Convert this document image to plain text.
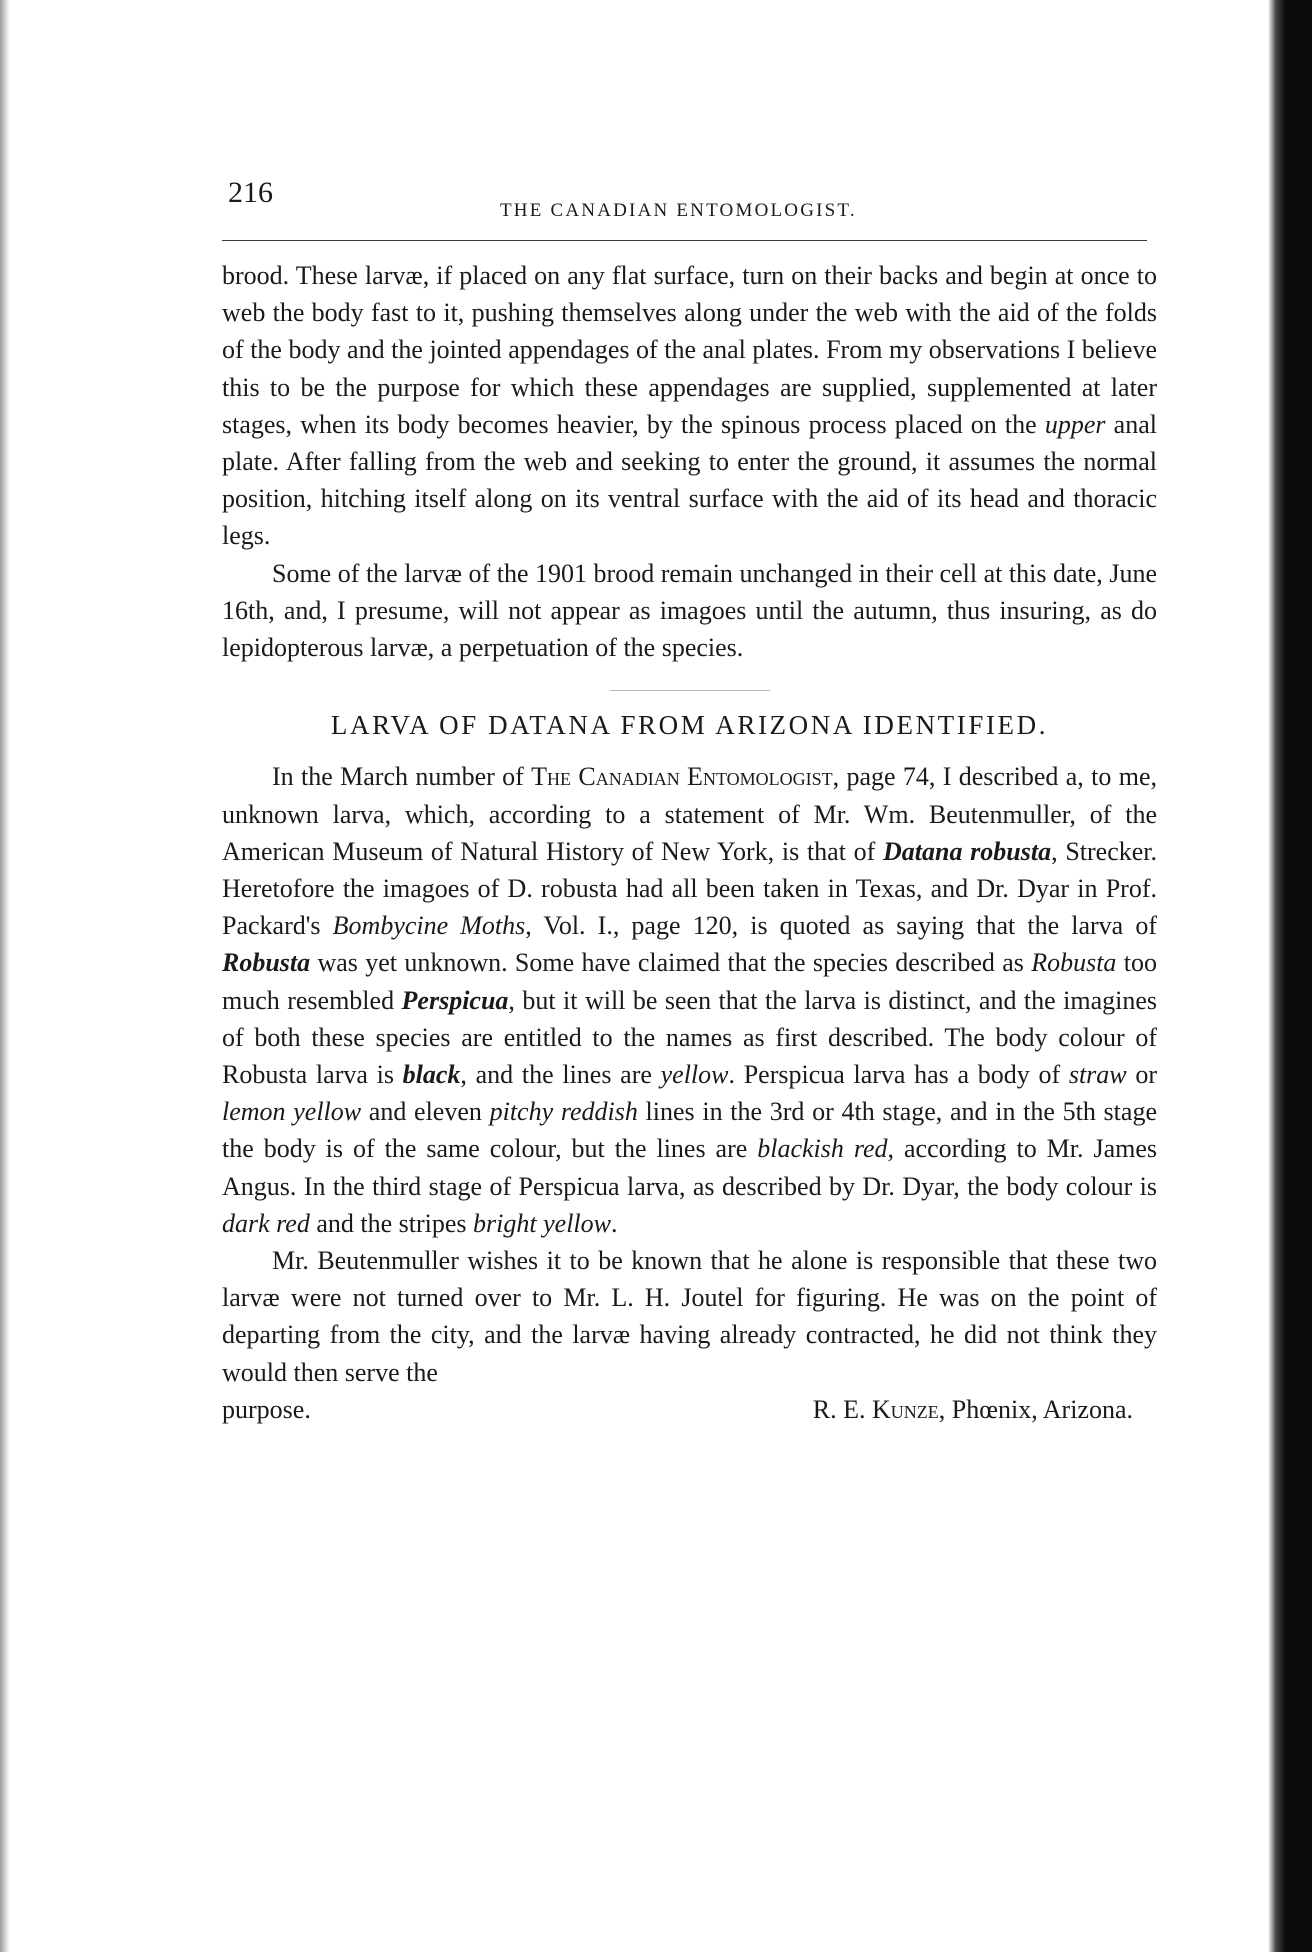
216
THE CANADIAN ENTOMOLOGIST.

brood. These larvæ, if placed on any flat surface, turn on their backs and begin at once to web the body fast to it, pushing themselves along under the web with the aid of the folds of the body and the jointed appendages of the anal plates. From my observations I believe this to be the purpose for which these appendages are supplied, supplemented at later stages, when its body becomes heavier, by the spinous process placed on the upper anal plate. After falling from the web and seeking to enter the ground, it assumes the normal position, hitching itself along on its ventral surface with the aid of its head and thoracic legs.

Some of the larvæ of the 1901 brood remain unchanged in their cell at this date, June 16th, and, I presume, will not appear as imagoes until the autumn, thus insuring, as do lepidopterous larvæ, a perpetuation of the species.

LARVA OF DATANA FROM ARIZONA IDENTIFIED.

In the March number of The Canadian Entomologist, page 74, I described a, to me, unknown larva, which, according to a statement of Mr. Wm. Beutenmuller, of the American Museum of Natural History of New York, is that of Datana robusta, Strecker. Heretofore the imagoes of D. robusta had all been taken in Texas, and Dr. Dyar in Prof. Packard's Bombycine Moths, Vol. I., page 120, is quoted as saying that the larva of Robusta was yet unknown. Some have claimed that the species described as Robusta too much resembled Perspicua, but it will be seen that the larva is distinct, and the imagines of both these species are entitled to the names as first described. The body colour of Robusta larva is black, and the lines are yellow. Perspicua larva has a body of straw or lemon yellow and eleven pitchy reddish lines in the 3rd or 4th stage, and in the 5th stage the body is of the same colour, but the lines are blackish red, according to Mr. James Angus. In the third stage of Perspicua larva, as described by Dr. Dyar, the body colour is dark red and the stripes bright yellow.

Mr. Beutenmuller wishes it to be known that he alone is responsible that these two larvæ were not turned over to Mr. L. H. Joutel for figuring. He was on the point of departing from the city, and the larvæ having already contracted, he did not think they would then serve the

purpose.	R. E. Kunze, Phœnix, Arizona.
